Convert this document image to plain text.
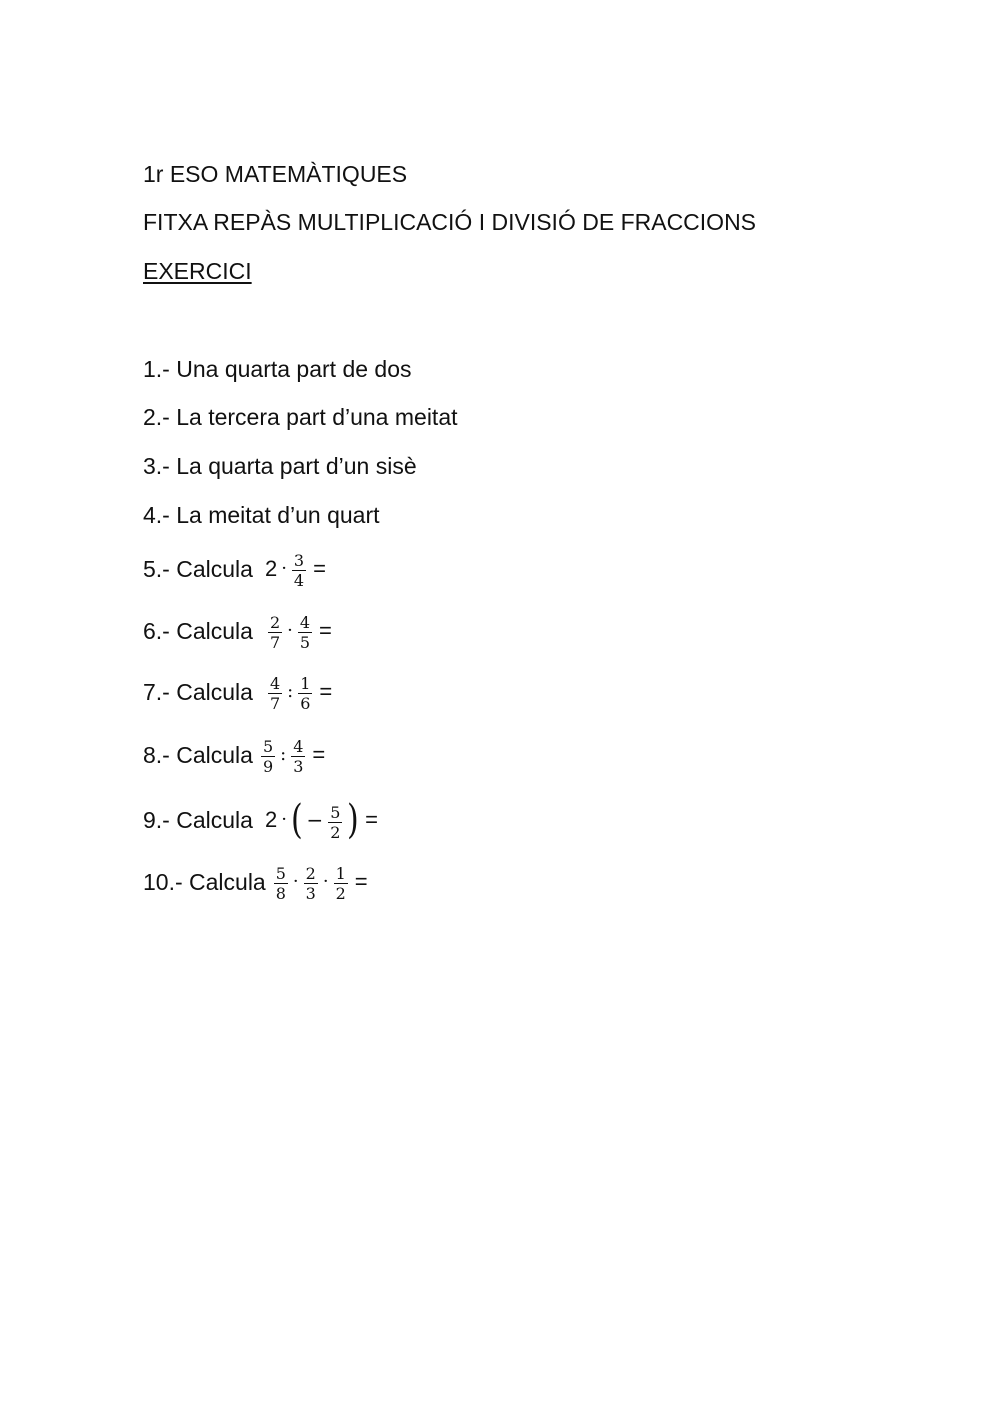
1r ESO MATEMÀTIQUES
FITXA REPÀS MULTIPLICACIÓ I DIVISIÓ DE FRACCIONS
EXERCICI
1.- Una quarta part de dos
2.- La tercera part d’una meitat
3.- La quarta part d’un sisè
4.- La meitat d’un quart
5.- Calcula $2 \cdot \frac{3}{4}$ =
6.- Calcula $\frac{2}{7} \cdot \frac{4}{5}$ =
7.- Calcula $\frac{4}{7}$ : $\frac{1}{6}$ =
8.- Calcula $\frac{5}{9}$ : $\frac{4}{3}$ =
9.- Calcula 2 · ( − $\frac{5}{2}$ ) =
10.- Calcula $\frac{5}{8} \cdot \frac{2}{3} \cdot \frac{1}{2}$ =
